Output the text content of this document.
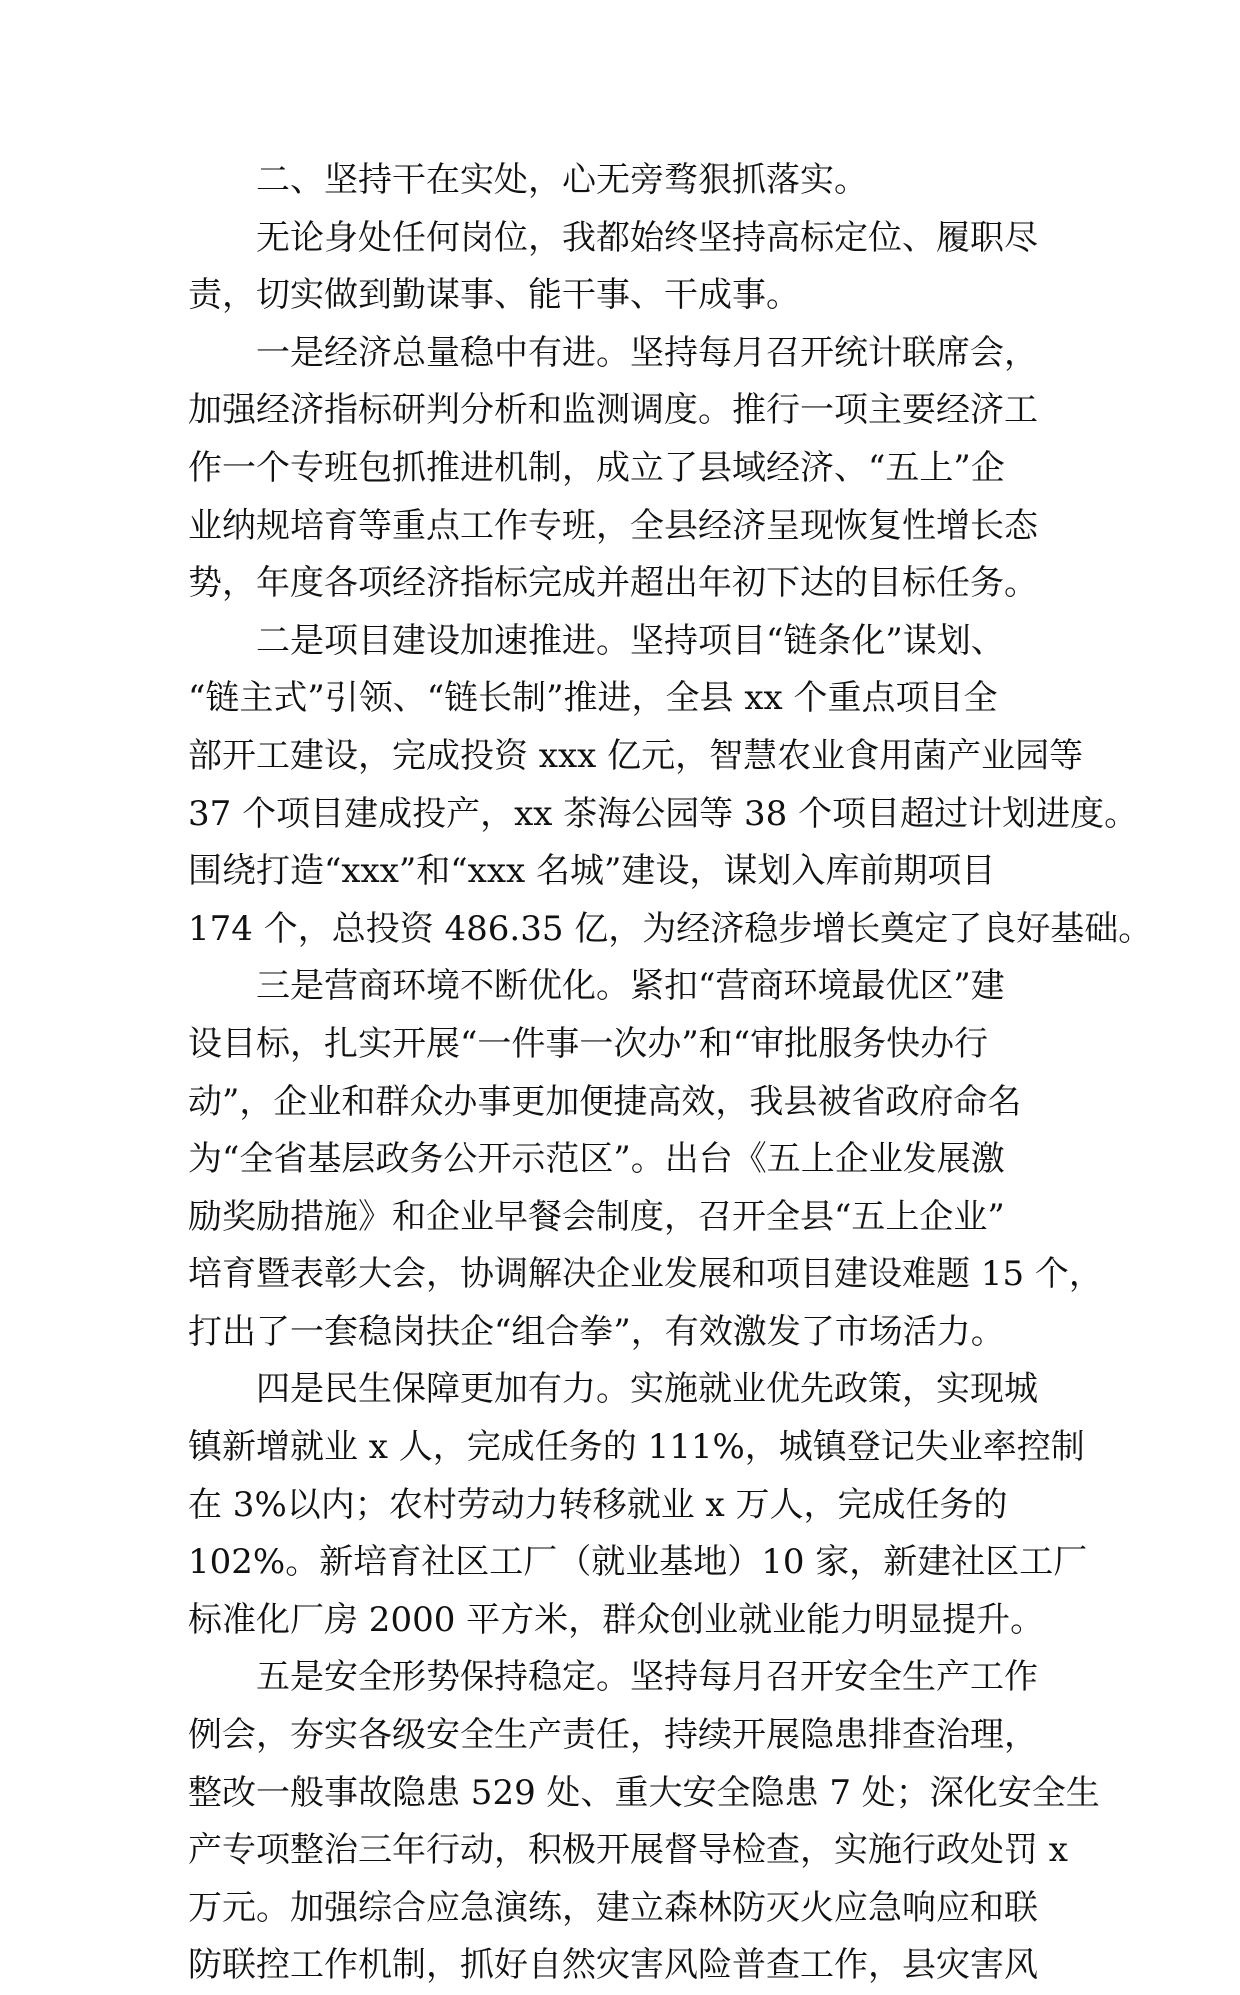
二、坚持干在实处，心无旁骛狠抓落实。
无论身处任何岗位，我都始终坚持高标定位、履职尽
责，切实做到勤谋事、能干事、干成事。
一是经济总量稳中有进。坚持每月召开统计联席会，
加强经济指标研判分析和监测调度。推行一项主要经济工
作一个专班包抓推进机制，成立了县域经济、“五上”企
业纳规培育等重点工作专班，全县经济呈现恢复性增长态
势，年度各项经济指标完成并超出年初下达的目标任务。
二是项目建设加速推进。坚持项目“链条化”谋划、
“链主式”引领、“链长制”推进，全县 xx 个重点项目全
部开工建设，完成投资 xxx 亿元，智慧农业食用菌产业园等
37 个项目建成投产，xx 茶海公园等 38 个项目超过计划进度。
围绕打造“xxx”和“xxx 名城”建设，谋划入库前期项目
174 个，总投资 486.35 亿，为经济稳步增长奠定了良好基础。
三是营商环境不断优化。紧扣“营商环境最优区”建
设目标，扎实开展“一件事一次办”和“审批服务快办行
动”，企业和群众办事更加便捷高效，我县被省政府命名
为“全省基层政务公开示范区”。出台《五上企业发展激
励奖励措施》和企业早餐会制度，召开全县“五上企业”
培育暨表彰大会，协调解决企业发展和项目建设难题 15 个，
打出了一套稳岗扶企“组合拳”，有效激发了市场活力。
四是民生保障更加有力。实施就业优先政策，实现城
镇新增就业 x 人，完成任务的 111%，城镇登记失业率控制
在 3%以内；农村劳动力转移就业 x 万人，完成任务的
102%。新培育社区工厂（就业基地）10 家，新建社区工厂
标准化厂房 2000 平方米，群众创业就业能力明显提升。
五是安全形势保持稳定。坚持每月召开安全生产工作
例会，夯实各级安全生产责任，持续开展隐患排查治理，
整改一般事故隐患 529 处、重大安全隐患 7 处；深化安全生
产专项整治三年行动，积极开展督导检查，实施行政处罚 x
万元。加强综合应急演练，建立森林防灭火应急响应和联
防联控工作机制，抓好自然灾害风险普查工作，县灾害风
